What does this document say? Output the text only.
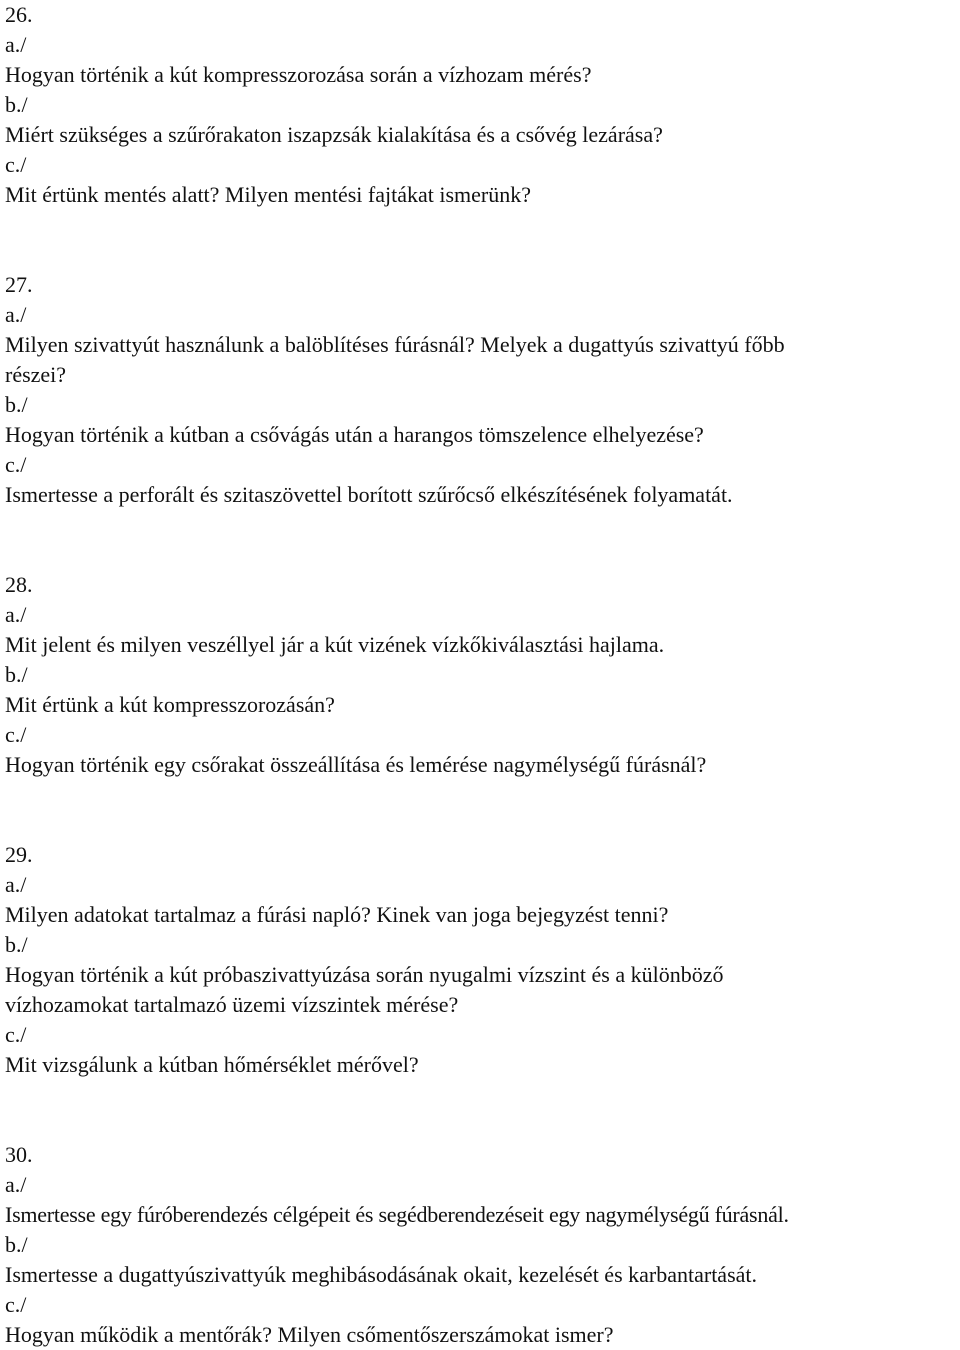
26.
a./
Hogyan történik a kút kompresszorozása során a vízhozam mérés?
b./
Miért szükséges a szűrőrakaton iszapzsák kialakítása és a csővég lezárása?
c./
Mit értünk mentés alatt? Milyen mentési fajtákat ismerünk?
27.
a./
Milyen szivattyút használunk a balöblítéses fúrásnál? Melyek a dugattyús szivattyú főbb
részei?
b./
Hogyan történik a kútban a csővágás után a harangos tömszelence elhelyezése?
c./
Ismertesse a perforált és szitaszövettel borított szűrőcső elkészítésének folyamatát.
28.
a./
Mit jelent és milyen veszéllyel jár a kút vizének vízkőkiválasztási hajlama.
b./
Mit értünk a kút kompresszorozásán?
c./
Hogyan történik egy csőrakat összeállítása és lemérése nagymélységű fúrásnál?
29.
a./
Milyen adatokat tartalmaz a fúrási napló? Kinek van joga bejegyzést tenni?
b./
Hogyan történik a kút próbaszivattyúzása során nyugalmi vízszint és a különböző
vízhozamokat tartalmazó üzemi vízszintek mérése?
c./
Mit vizsgálunk a kútban hőmérséklet mérővel?
30.
a./
Ismertesse egy fúróberendezés célgépeit és segédberendezéseit egy nagymélységű fúrásnál.
b./
Ismertesse a dugattyúszivattyúk meghibásodásának okait, kezelését és karbantartását.
c./
Hogyan működik a mentőrák? Milyen csőmentőszerszámokat ismer?
